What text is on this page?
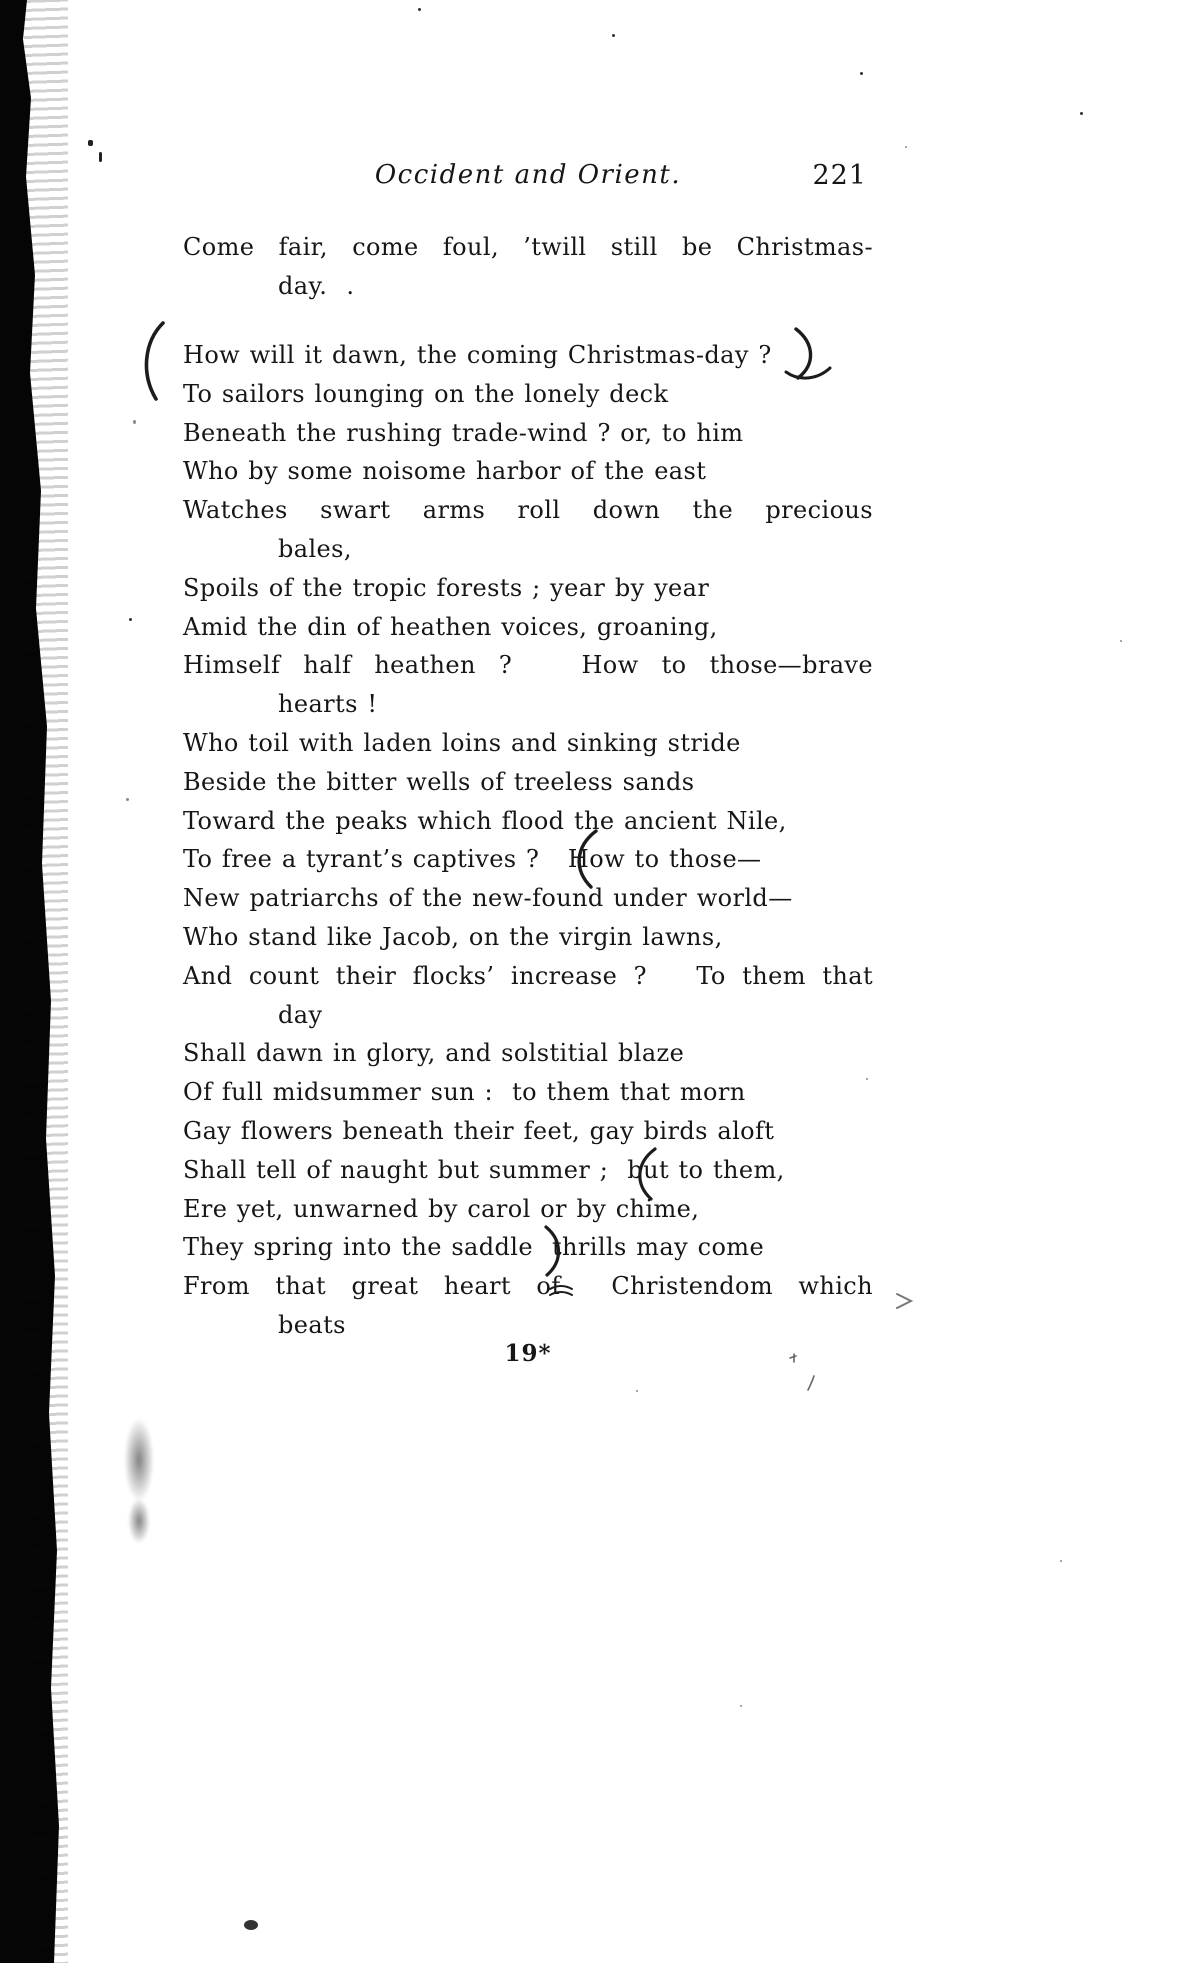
Occident and Orient.	221
Come fair, come foul, ’twill still be Christmas-
day.  .
How will it dawn, the coming Christmas-day ?
To sailors lounging on the lonely deck
Beneath the rushing trade-wind ? or, to him
Who by some noisome harbor of the east
Watches swart arms roll down the precious
bales,
Spoils of the tropic forests ; year by year
Amid the din of heathen voices, groaning,
Himself half heathen ?   How to those—brave
hearts !
Who toil with laden loins and sinking stride
Beside the bitter wells of treeless sands
Toward the peaks which flood the ancient Nile,
To free a tyrant’s captives ?   How to those—
New patriarchs of the new-found under world—
Who stand like Jacob, on the virgin lawns,
And count their flocks’ increase ?   To them that
day
Shall dawn in glory, and solstitial blaze
Of full midsummer sun :  to them that morn
Gay flowers beneath their feet, gay birds aloft
Shall tell of naught but summer ;  but to them,
Ere yet, unwarned by carol or by chime,
They spring into the saddle  thrills may come
From that great heart of  Christendom which
beats
19*
